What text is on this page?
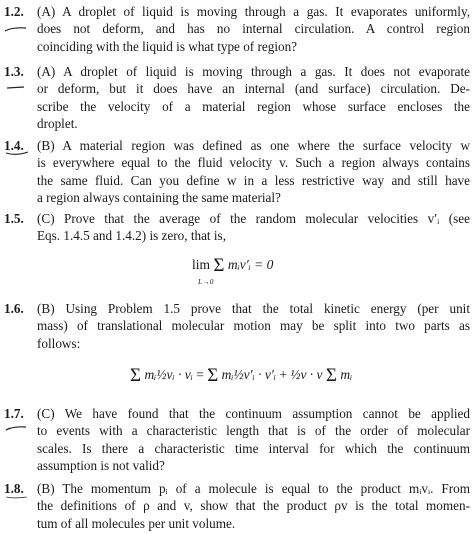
1.2. (A) A droplet of liquid is moving through a gas. It evaporates uniformly,
does not deform, and has no internal circulation. A control region
coinciding with the liquid is what type of region?
1.3. (A) A droplet of liquid is moving through a gas. It does not evaporate
or deform, but it does have an internal (and surface) circulation. De-
scribe the velocity of a material region whose surface encloses the
droplet.
1.4. (B) A material region was defined as one where the surface velocity w
is everywhere equal to the fluid velocity v. Such a region always contains
the same fluid. Can you define w in a less restrictive way and still have
a region always containing the same material?
1.5. (C) Prove that the average of the random molecular velocities v′ᵢ (see
Eqs. 1.4.5 and 1.4.2) is zero, that is,
lim Σ mᵢv′ᵢ = 0
L→0
1.6. (B) Using Problem 1.5 prove that the total kinetic energy (per unit
mass) of translational molecular motion may be split into two parts as
follows:
Σ mᵢ½vᵢ · vᵢ = Σ mᵢ½v′ᵢ · v′ᵢ + ½v · v Σ mᵢ
1.7. (C) We have found that the continuum assumption cannot be applied
to events with a characteristic length that is of the order of molecular
scales. Is there a characteristic time interval for which the continuum
assumption is not valid?
1.8. (B) The momentum pᵢ of a molecule is equal to the product mᵢvᵢ. From
the definitions of ρ and v, show that the product ρv is the total momen-
tum of all molecules per unit volume.
